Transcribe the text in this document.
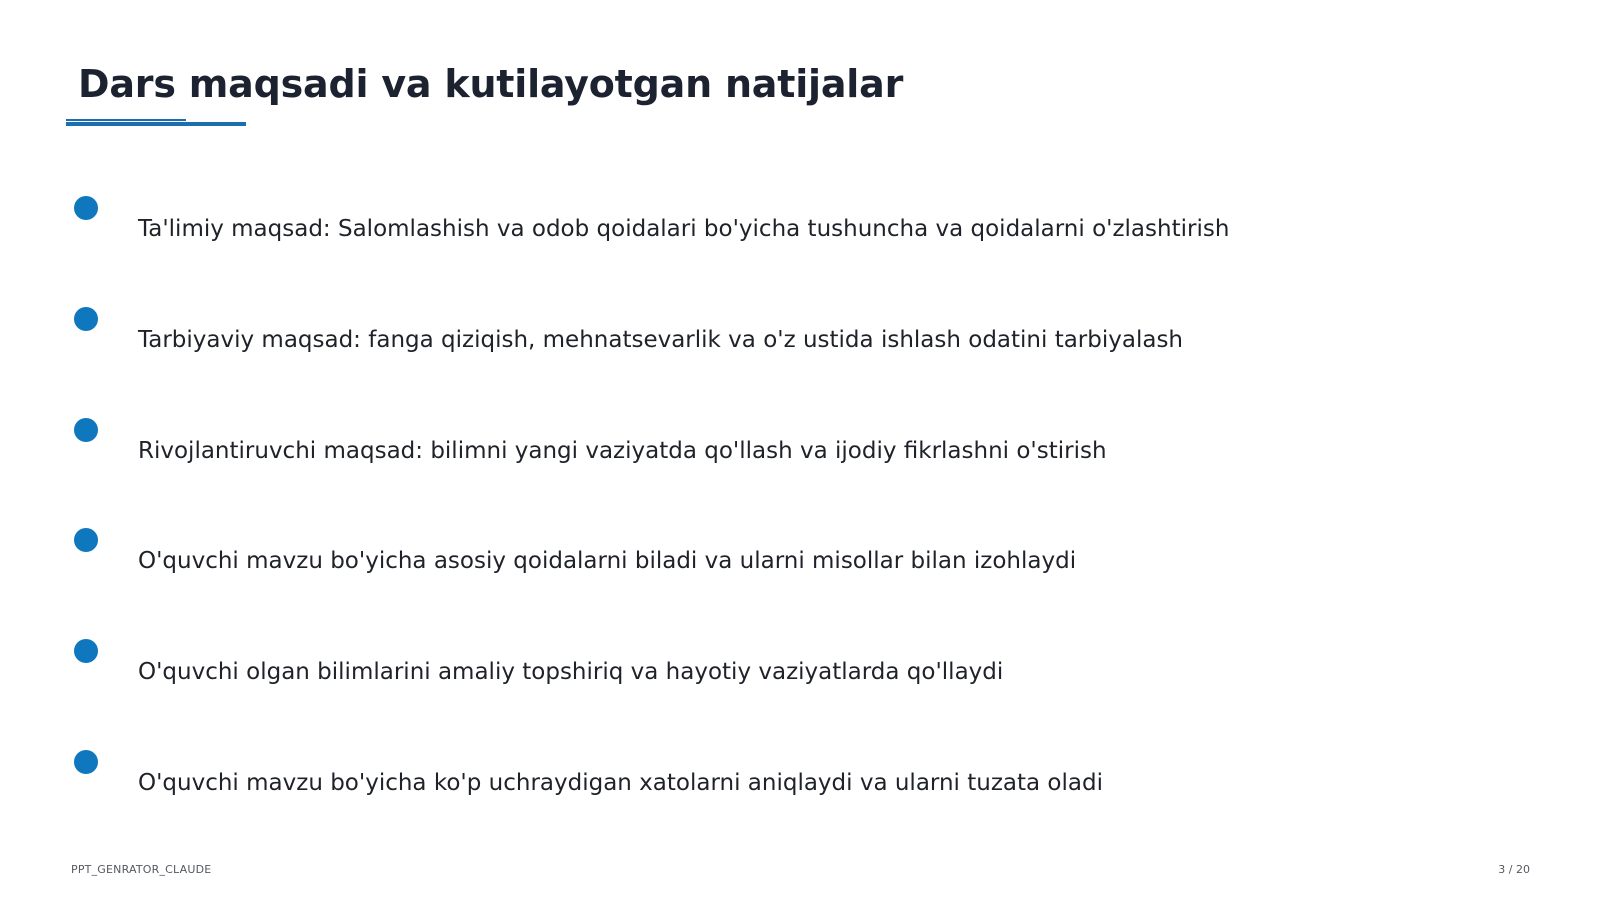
Dars maqsadi va kutilayotgan natijalar
Ta'limiy maqsad: Salomlashish va odob qoidalari bo'yicha tushuncha va qoidalarni o'zlashtirish
Tarbiyaviy maqsad: fanga qiziqish, mehnatsevarlik va o'z ustida ishlash odatini tarbiyalash
Rivojlantiruvchi maqsad: bilimni yangi vaziyatda qo'llash va ijodiy fikrlashni o'stirish
O'quvchi mavzu bo'yicha asosiy qoidalarni biladi va ularni misollar bilan izohlaydi
O'quvchi olgan bilimlarini amaliy topshiriq va hayotiy vaziyatlarda qo'llaydi
O'quvchi mavzu bo'yicha ko'p uchraydigan xatolarni aniqlaydi va ularni tuzata oladi
PPT_GENRATOR_CLAUDE	3 / 20
